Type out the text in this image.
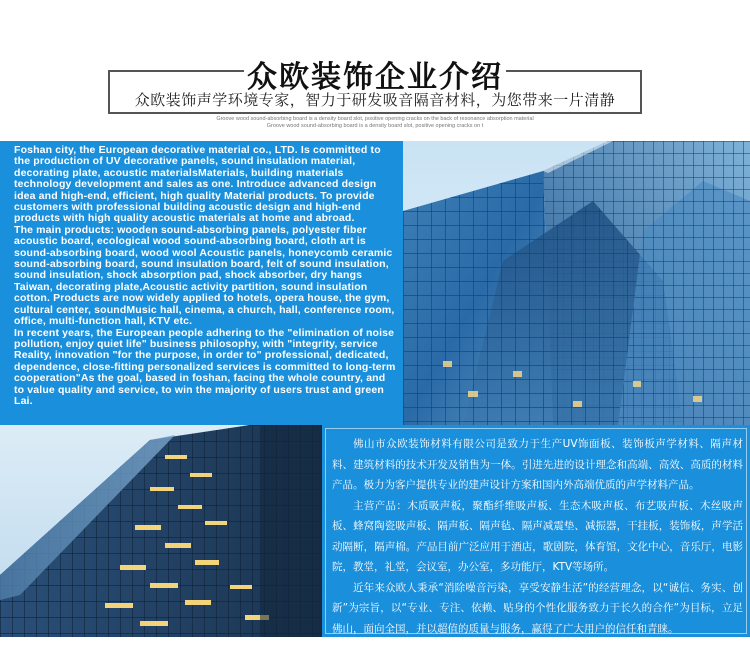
众欧装饰企业介绍
众欧装饰声学环境专家，智力于研发吸音隔音材料，为您带来一片清静
Groove wood sound-absorbing board is a density board slot, positive opening cracks on the back of resonance absorption material
Groove wood sound-absorbing board is a density board slot, positive opening cracks on t

Foshan city, the European decorative material co., LTD. Is committed to the production of UV decorative panels, sound insulation material, decorating plate, acoustic materialsMaterials, building materials technology development and sales as one. Introduce advanced design idea and high-end, efficient, high quality Material products. To provide customers with professional building acoustic design and high-end products with high quality acoustic materials at home and abroad.

The main products: wooden sound-absorbing panels, polyester fiber acoustic board, ecological wood sound-absorbing board, cloth art is sound-absorbing board, wood wool Acoustic panels, honeycomb ceramic sound-absorbing board, sound insulation board, felt of sound insulation, sound insulation, shock absorption pad, shock absorber, dry hangs Taiwan, decorating plate,Acoustic activity partition, sound insulation cotton. Products are now widely applied to hotels, opera house, the gym, cultural center, soundMusic hall, cinema, a church, hall, conference room, office, multi-function hall, KTV etc.

In recent years, the European people adhering to the "elimination of noise pollution, enjoy quiet life" business philosophy, with "integrity, service Reality, innovation "for the purpose, in order to" professional, dedicated, dependence, close-fitting personalized services is committed to long-term cooperation"As the goal, based in foshan, facing the whole country, and to value quality and service, to win the majority of users trust and green Lai.

佛山市众欧装饰材料有限公司是致力于生产UV饰面板、装饰板声学材料、隔声材料、建筑材料的技术开发及销售为一体。引进先进的设计理念和高端、高效、高质的材料产品。极力为客户提供专业的建声设计方案和国内外高端优质的声学材料产品。

主营产品：木质吸声板，聚酯纤维吸声板、生态木吸声板、布艺吸声板、木丝吸声板、蜂窝陶瓷吸声板、隔声板、隔声毡、隔声减震垫、减振器，干挂板，装饰板，声学活动隔断，隔声棉。产品目前广泛应用于酒店，歌剧院，体育馆，文化中心，音乐厅，电影院，教堂，礼堂，会议室，办公室，多功能厅，KTV等场所。

近年来众欧人秉承“消除噪音污染，享受安静生活”的经营理念，以“诚信、务实、创新”为宗旨，以“专业、专注、依赖、贴身的个性化服务致力于长久的合作”为目标，立足佛山，面向全国，并以超值的质量与服务，赢得了广大用户的信任和青睐。
